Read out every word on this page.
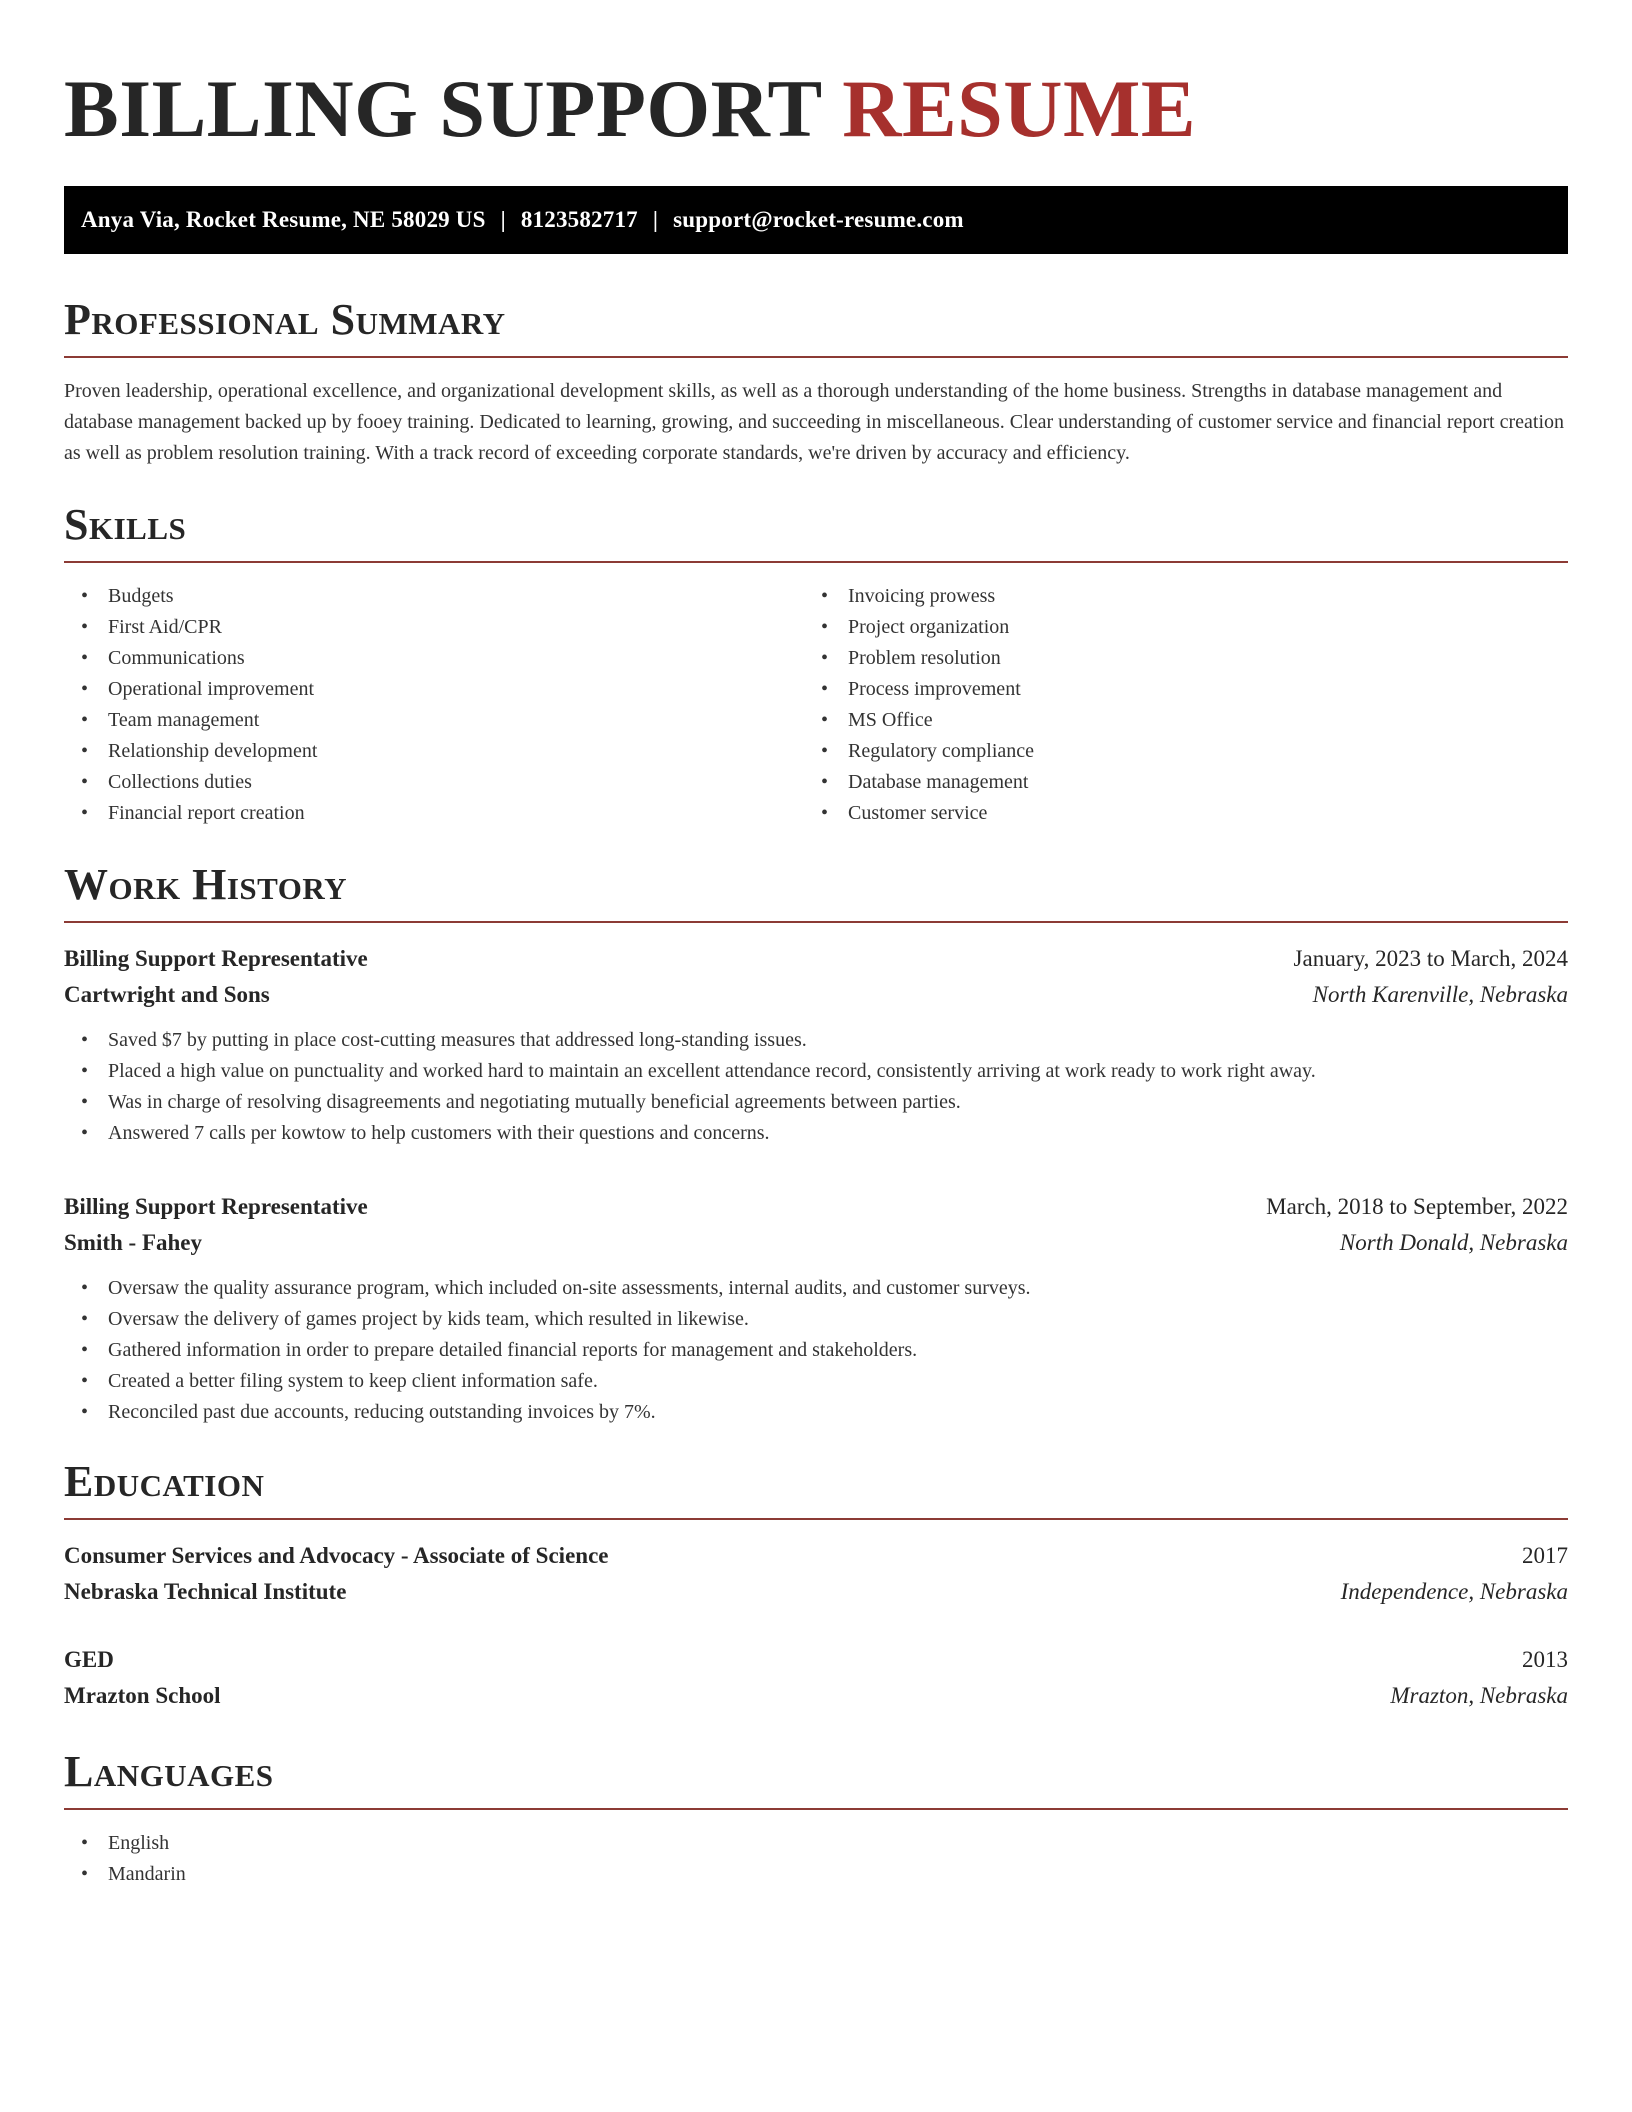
BILLING SUPPORT RESUME
Anya Via, Rocket Resume, NE 58029 US | 8123582717 | support@rocket-resume.com
Professional Summary

Proven leadership, operational excellence, and organizational development skills, as well as a thorough understanding of the home business. Strengths in database management and database management backed up by fooey training. Dedicated to learning, growing, and succeeding in miscellaneous. Clear understanding of customer service and financial report creation as well as problem resolution training. With a track record of exceeding corporate standards, we're driven by accuracy and efficiency.

Skills
• Budgets
• First Aid/CPR
• Communications
• Operational improvement
• Team management
• Relationship development
• Collections duties
• Financial report creation
• Invoicing prowess
• Project organization
• Problem resolution
• Process improvement
• MS Office
• Regulatory compliance
• Database management
• Customer service
Work History
Billing Support Representative	January, 2023 to March, 2024
Cartwright and Sons	North Karenville, Nebraska
• Saved $7 by putting in place cost-cutting measures that addressed long-standing issues.
• Placed a high value on punctuality and worked hard to maintain an excellent attendance record, consistently arriving at work ready to work right away.
• Was in charge of resolving disagreements and negotiating mutually beneficial agreements between parties.
• Answered 7 calls per kowtow to help customers with their questions and concerns.
Billing Support Representative	March, 2018 to September, 2022
Smith - Fahey	North Donald, Nebraska
• Oversaw the quality assurance program, which included on-site assessments, internal audits, and customer surveys.
• Oversaw the delivery of games project by kids team, which resulted in likewise.
• Gathered information in order to prepare detailed financial reports for management and stakeholders.
• Created a better filing system to keep client information safe.
• Reconciled past due accounts, reducing outstanding invoices by 7%.
Education
Consumer Services and Advocacy - Associate of Science	2017
Nebraska Technical Institute	Independence, Nebraska
GED	2013
Mrazton School	Mrazton, Nebraska
Languages
• English
• Mandarin
